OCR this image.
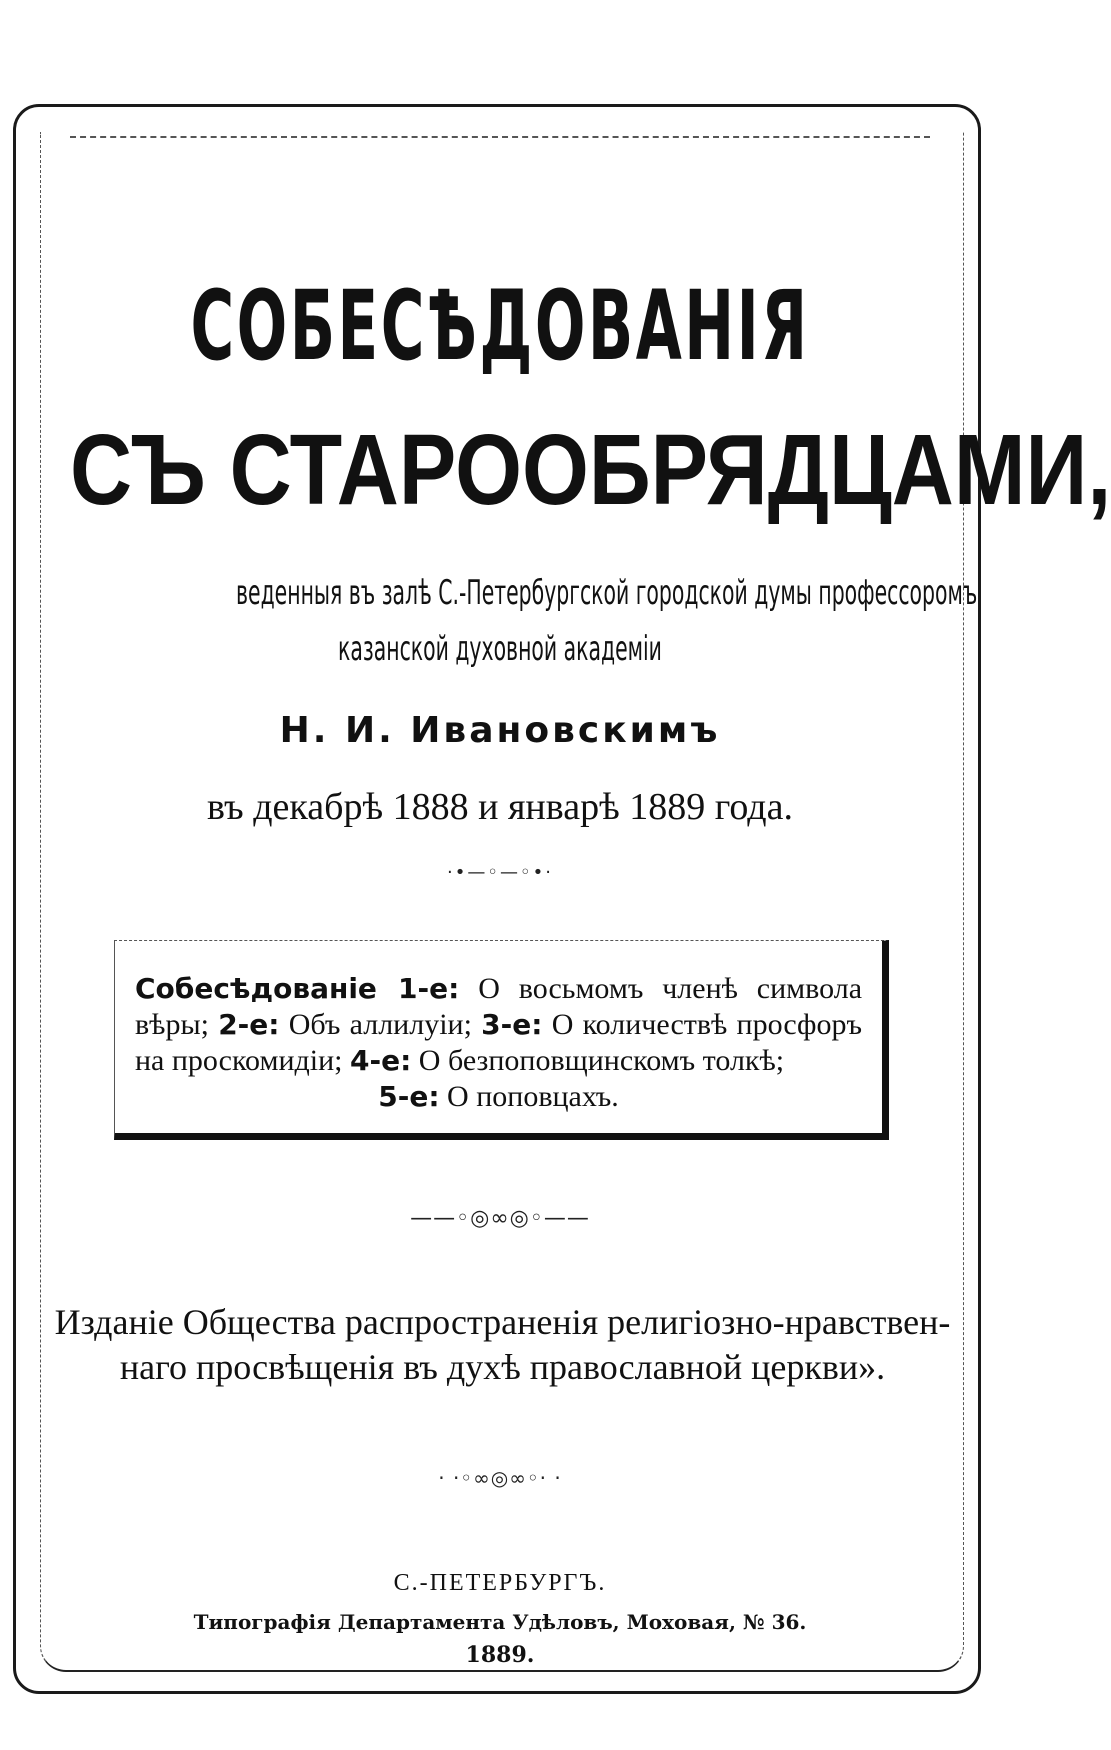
СОБЕСѢДОВАНІЯ
СЪ СТАРООБРЯДЦАМИ,

веденныя въ залѣ С.-Петербургской городской думы профессоромъ

казанской духовной академіи

Н. И. Ивановскимъ

въ декабрѣ 1888 и январѣ 1889 года.

·•—◦—◦•·

Собесѣдованіе 1-е: О восьмомъ членѣ символа вѣры; 2-е: Объ аллилуіи; 3-е: О количествѣ просфоръ на проскомидіи; 4-е: О безпоповщинскомъ толкѣ;
5-е: О поповцахъ.

——◦◎∞◎◦——

Изданіе Общества распространенія религіозно-нравствен-
наго просвѣщенія въ духѣ православной церкви».

· ·◦∞◎∞◦· ·

С.-ПЕТЕРБУРГЪ.

Типографія Департамента Удѣловъ, Моховая, № 36.

1889.
